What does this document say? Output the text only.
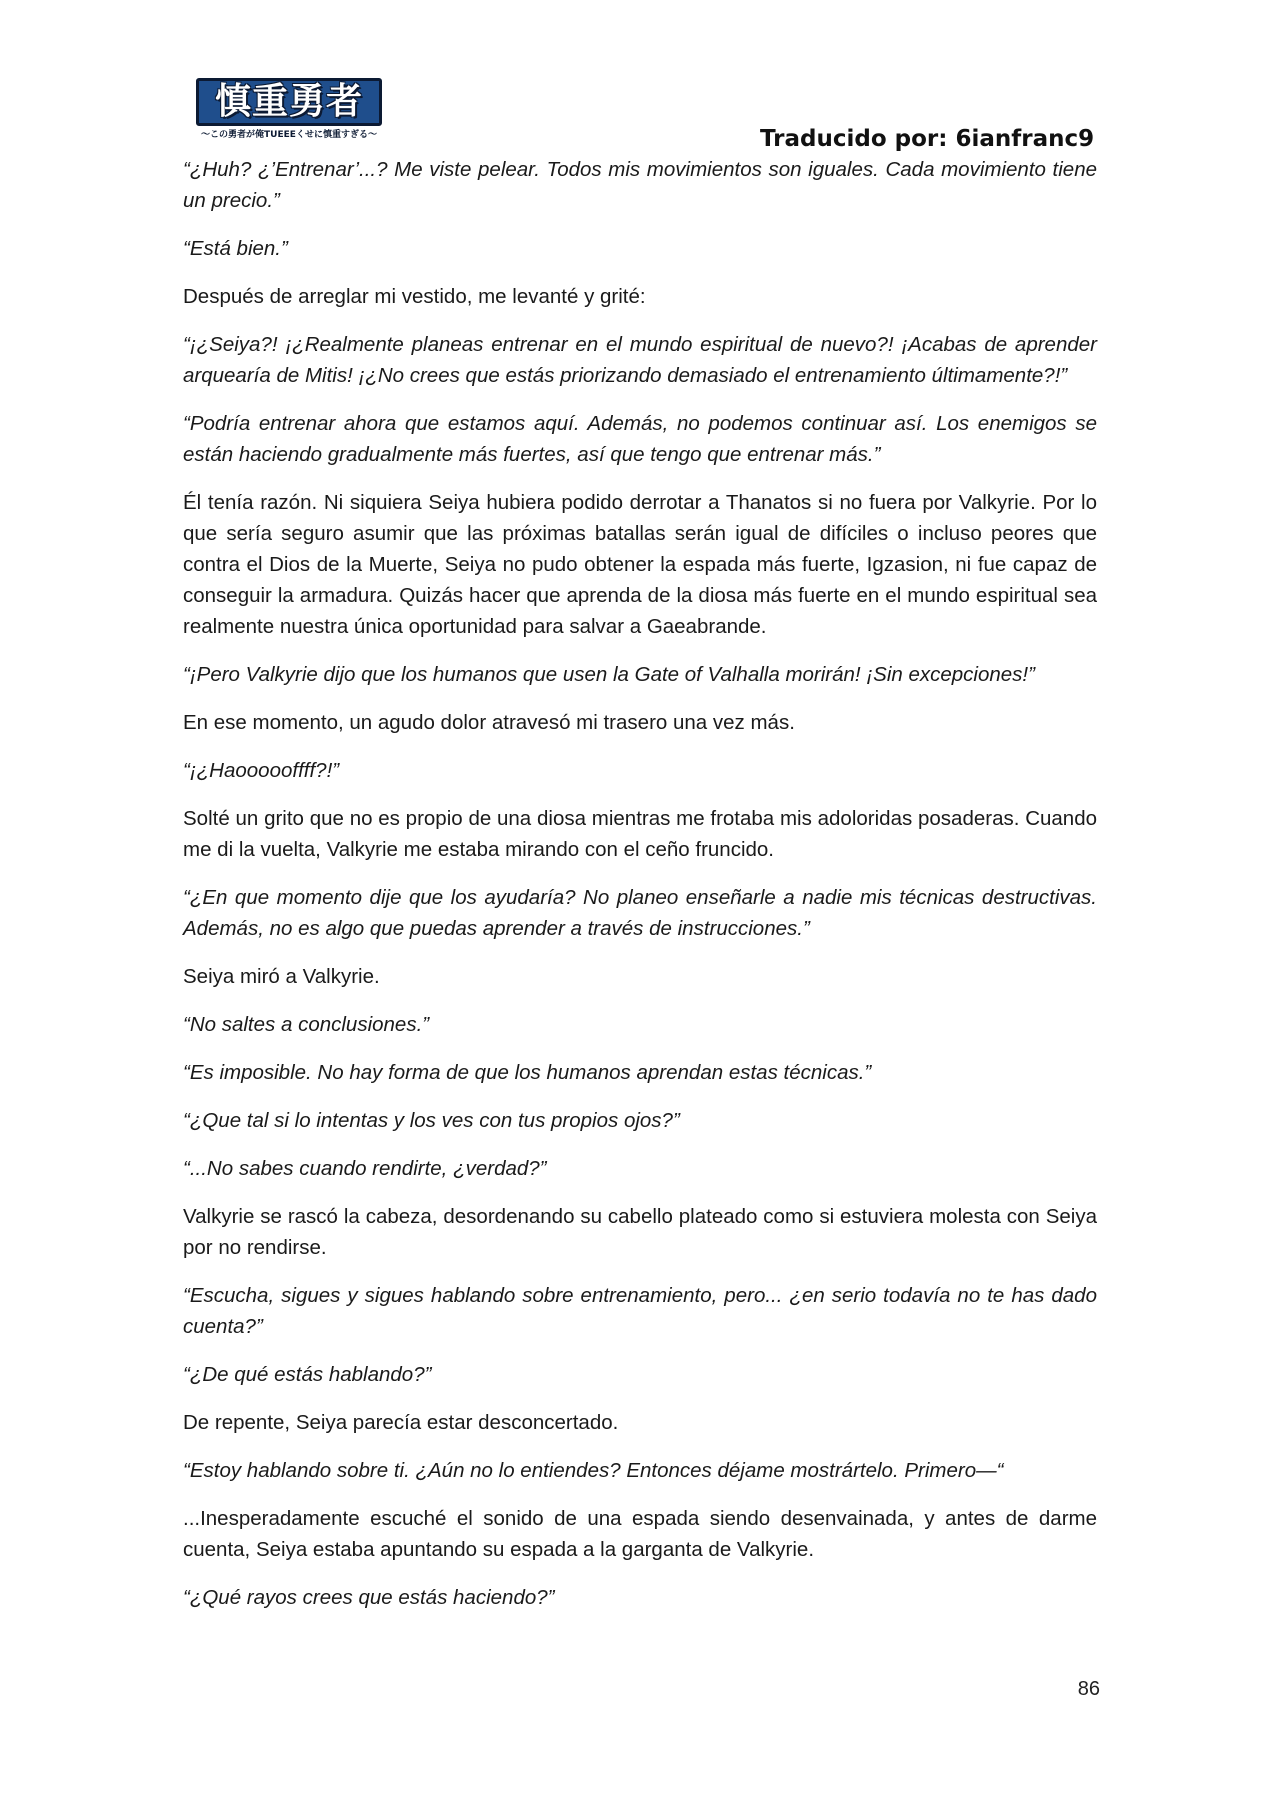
慎重勇者
〜この勇者が俺TUEEEくせに慎重すぎる〜	Traducido por: 6ianfranc9

“¿Huh? ¿’Entrenar’...? Me viste pelear. Todos mis movimientos son iguales. Cada movimiento tiene un precio.”

“Está bien.”

Después de arreglar mi vestido, me levanté y grité:

“¡¿Seiya?! ¡¿Realmente planeas entrenar en el mundo espiritual de nuevo?! ¡Acabas de aprender arquearía de Mitis! ¡¿No crees que estás priorizando demasiado el entrenamiento últimamente?!”

“Podría entrenar ahora que estamos aquí. Además, no podemos continuar así. Los enemigos se están haciendo gradualmente más fuertes, así que tengo que entrenar más.”

Él tenía razón. Ni siquiera Seiya hubiera podido derrotar a Thanatos si no fuera por Valkyrie. Por lo que sería seguro asumir que las próximas batallas serán igual de difíciles o incluso peores que contra el Dios de la Muerte, Seiya no pudo obtener la espada más fuerte, Igzasion, ni fue capaz de conseguir la armadura. Quizás hacer que aprenda de la diosa más fuerte en el mundo espiritual sea realmente nuestra única oportunidad para salvar a Gaeabrande.

“¡Pero Valkyrie dijo que los humanos que usen la Gate of Valhalla morirán! ¡Sin excepciones!”

En ese momento, un agudo dolor atravesó mi trasero una vez más.

“¡¿Haoooooffff?!”

Solté un grito que no es propio de una diosa mientras me frotaba mis adoloridas posaderas. Cuando me di la vuelta, Valkyrie me estaba mirando con el ceño fruncido.

“¿En que momento dije que los ayudaría? No planeo enseñarle a nadie mis técnicas destructivas. Además, no es algo que puedas aprender a través de instrucciones.”

Seiya miró a Valkyrie.

“No saltes a conclusiones.”

“Es imposible. No hay forma de que los humanos aprendan estas técnicas.”

“¿Que tal si lo intentas y los ves con tus propios ojos?”

“...No sabes cuando rendirte, ¿verdad?”

Valkyrie se rascó la cabeza, desordenando su cabello plateado como si estuviera molesta con Seiya por no rendirse.

“Escucha, sigues y sigues hablando sobre entrenamiento, pero... ¿en serio todavía no te has dado cuenta?”

“¿De qué estás hablando?”

De repente, Seiya parecía estar desconcertado.

“Estoy hablando sobre ti. ¿Aún no lo entiendes? Entonces déjame mostrártelo. Primero—“

...Inesperadamente escuché el sonido de una espada siendo desenvainada, y antes de darme cuenta, Seiya estaba apuntando su espada a la garganta de Valkyrie.

“¿Qué rayos crees que estás haciendo?”

86
